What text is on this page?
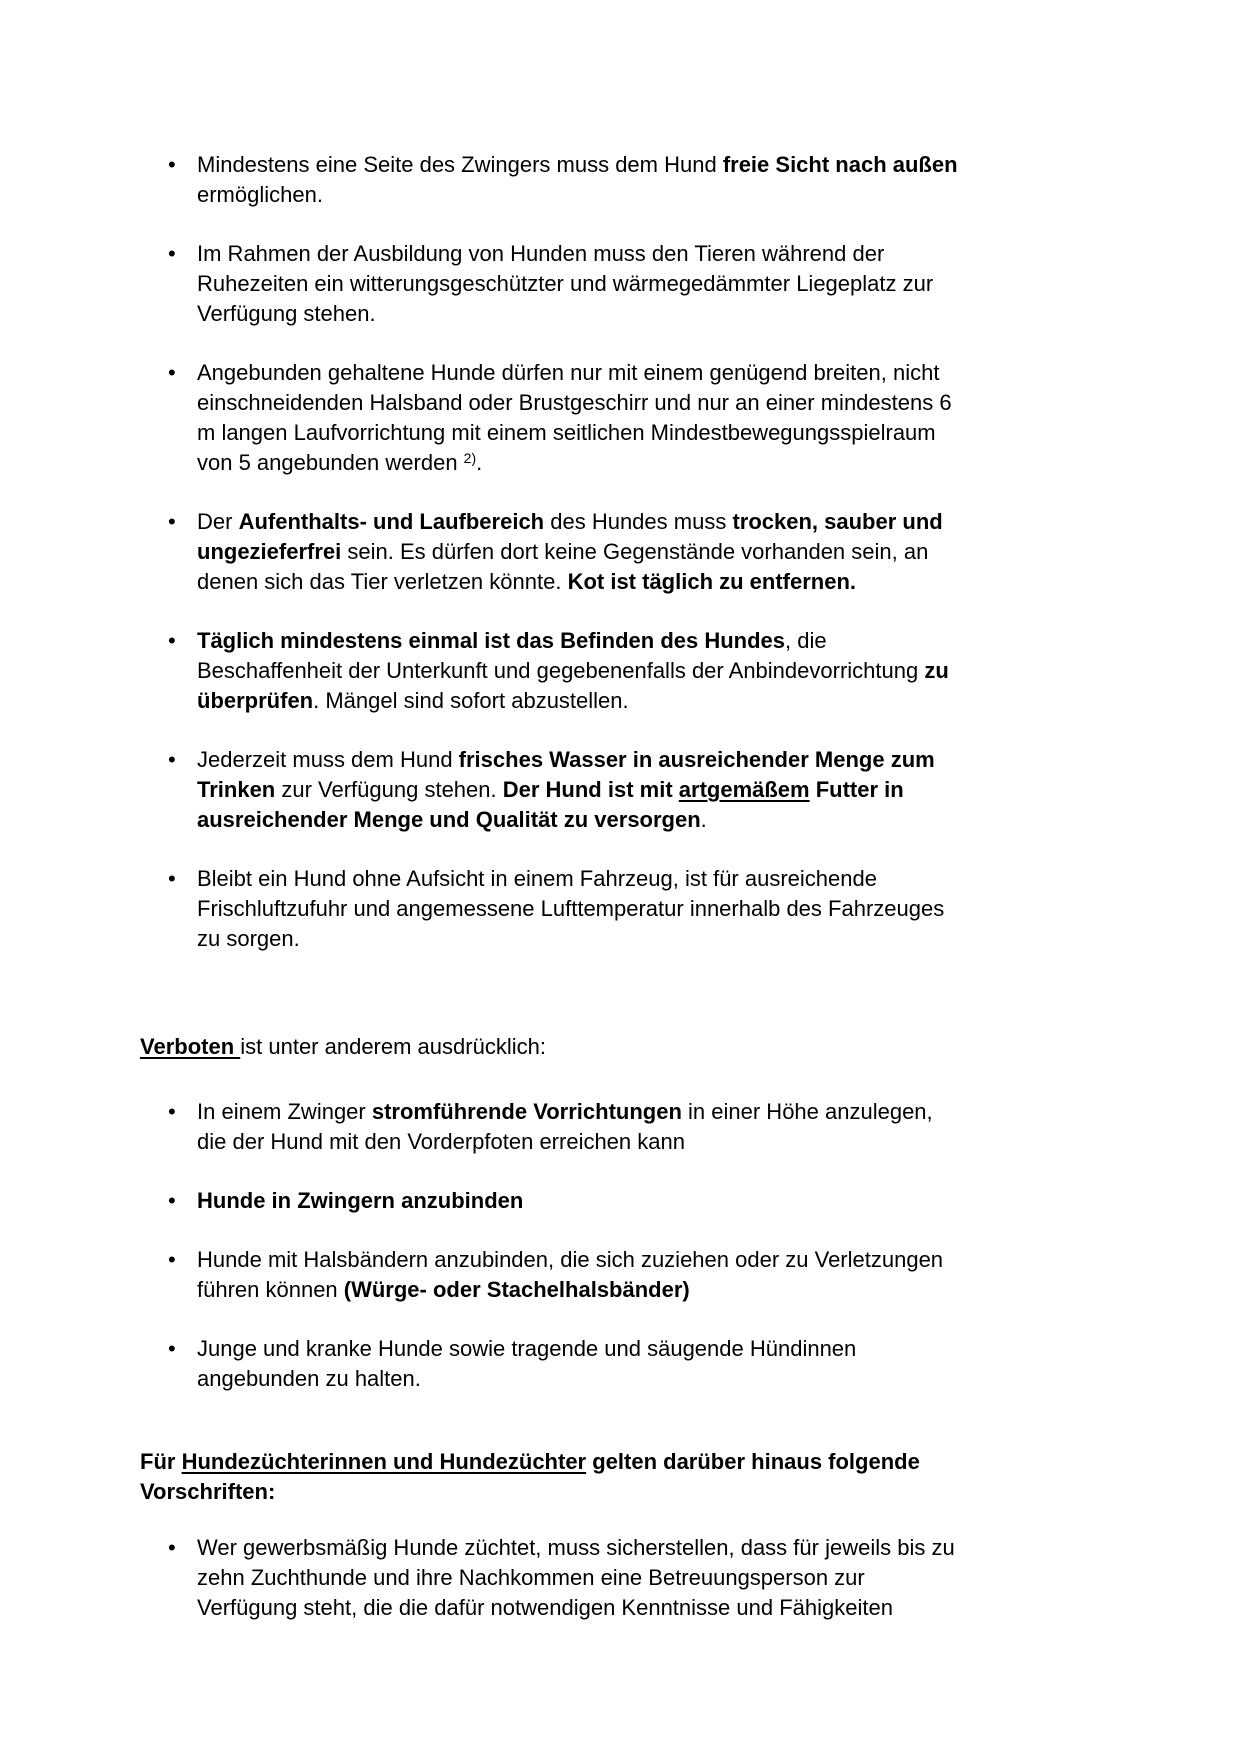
• Mindestens eine Seite des Zwingers muss dem Hund freie Sicht nach außen
ermöglichen.
• Im Rahmen der Ausbildung von Hunden muss den Tieren während der
Ruhezeiten ein witterungsgeschützter und wärmegedämmter Liegeplatz zur
Verfügung stehen.
• Angebunden gehaltene Hunde dürfen nur mit einem genügend breiten, nicht
einschneidenden Halsband oder Brustgeschirr und nur an einer mindestens 6
m langen Laufvorrichtung mit einem seitlichen Mindestbewegungsspielraum
von 5 angebunden werden $^{2)}$.
• Der Aufenthalts- und Laufbereich des Hundes muss trocken, sauber und
ungezieferfrei sein. Es dürfen dort keine Gegenstände vorhanden sein, an
denen sich das Tier verletzen könnte. Kot ist täglich zu entfernen.
• Täglich mindestens einmal ist das Befinden des Hundes, die
Beschaffenheit der Unterkunft und gegebenenfalls der Anbindevorrichtung zu
überprüfen. Mängel sind sofort abzustellen.
• Jederzeit muss dem Hund frisches Wasser in ausreichender Menge zum
Trinken zur Verfügung stehen. Der Hund ist mit artgemäßem Futter in
ausreichender Menge und Qualität zu versorgen.
• Bleibt ein Hund ohne Aufsicht in einem Fahrzeug, ist für ausreichende
Frischluftzufuhr und angemessene Lufttemperatur innerhalb des Fahrzeuges
zu sorgen.
Verboten ist unter anderem ausdrücklich:
• In einem Zwinger stromführende Vorrichtungen in einer Höhe anzulegen,
die der Hund mit den Vorderpfoten erreichen kann
• Hunde in Zwingern anzubinden
• Hunde mit Halsbändern anzubinden, die sich zuziehen oder zu Verletzungen
führen können (Würge- oder Stachelhalsbänder)
• Junge und kranke Hunde sowie tragende und säugende Hündinnen
angebunden zu halten.
Für Hundezüchterinnen und Hundezüchter gelten darüber hinaus folgende
Vorschriften:
• Wer gewerbsmäßig Hunde züchtet, muss sicherstellen, dass für jeweils bis zu
zehn Zuchthunde und ihre Nachkommen eine Betreuungsperson zur
Verfügung steht, die die dafür notwendigen Kenntnisse und Fähigkeiten
